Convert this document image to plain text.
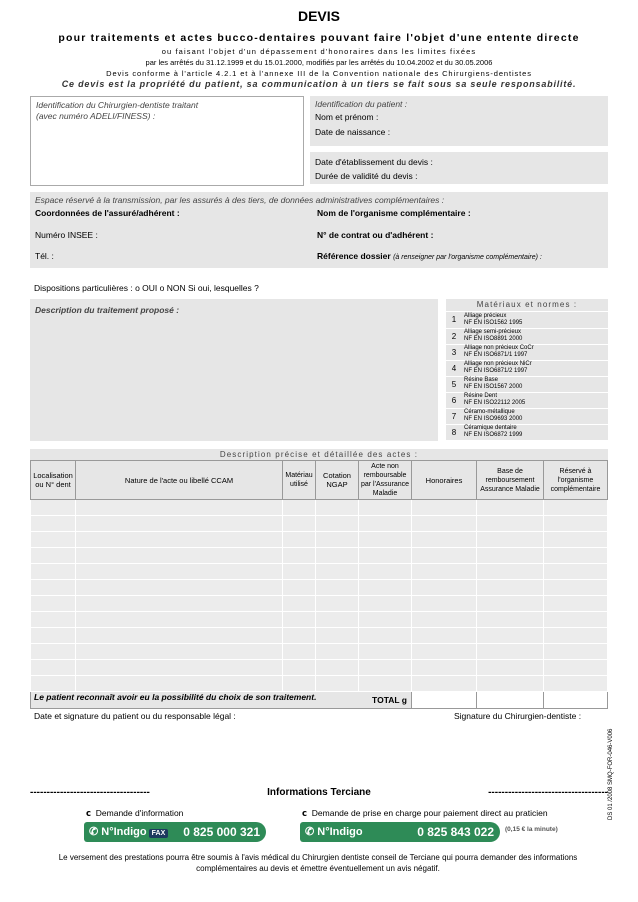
DEVIS
pour traitements et actes bucco-dentaires pouvant faire l'objet d'une entente directe
ou faisant l'objet d'un dépassement d'honoraires dans les limites fixées
par les arrêtés du 31.12.1999 et du 15.01.2000, modifiés par les arrêtés du 10.04.2002 et du 30.05.2006
Devis conforme à l'article 4.2.1 et à l'annexe III de la Convention nationale des Chirurgiens-dentistes
Ce devis est la propriété du patient, sa communication à un tiers se fait sous sa seule responsabilité.
Identification du Chirurgien-dentiste traitant
(avec numéro ADELI/FINESS) :
Identification du patient :
Nom et prénom :
Date de naissance :
Date d'établissement du devis :
Durée de validité du devis :
Espace réservé à la transmission, par les assurés à des tiers, de données administratives complémentaires :
Coordonnées de l'assuré/adhérent :	Nom de l'organisme complémentaire :
Numéro INSEE :	N° de contrat ou d'adhérent :
Tél. :	Référence dossier (à renseigner par l'organisme complémentaire) :
Dispositions particulières : o OUI o NON Si oui, lesquelles ?
Description du traitement proposé :
Matériaux et normes :
1	Alliage précieux
NF EN ISO1562 1995

2	Alliage semi-précieux
NF EN ISO8891 2000

3	Alliage non précieux CoCr
NF EN ISO6871/1 1997

4	Alliage non précieux NiCr
NF EN ISO6871/2 1997

5	Résine Base
NF EN ISO1567 2000

6	Résine Dent
NF EN ISO22112 2005

7	Céramo-métallique
NF EN ISO9693 2000

8	Céramique dentaire
NF EN ISO6872 1999
Description précise et détaillée des actes :
Localisation ou N° dent	Nature de l'acte ou libellé CCAM	Matériau utilisé	Cotation NGAP	Acte non remboursable par l'Assurance Maladie	Honoraires	Base de remboursement Assurance Maladie	Réservé à l'organisme complémentaire

TOTAL g							
Le patient reconnaît avoir eu la possibilité du choix de son traitement.
Date et signature du patient ou du responsable légal :	Signature du Chirurgien-dentiste :
DS 01 /2008 SMQ-FOR-046-V006
------------------------------------	Informations Terciane	------------------------------------
c Demande d'information	c Demande de prise en charge pour paiement direct au praticien
✆ N°Indigo FAX 0 825 000 321	✆ N°Indigo	0 825 843 022 (0,15 € la minute)
Le versement des prestations pourra être soumis à l'avis médical du Chirurgien dentiste conseil de Terciane qui pourra demander des informations complémentaires au devis et émettre éventuellement un avis négatif.
